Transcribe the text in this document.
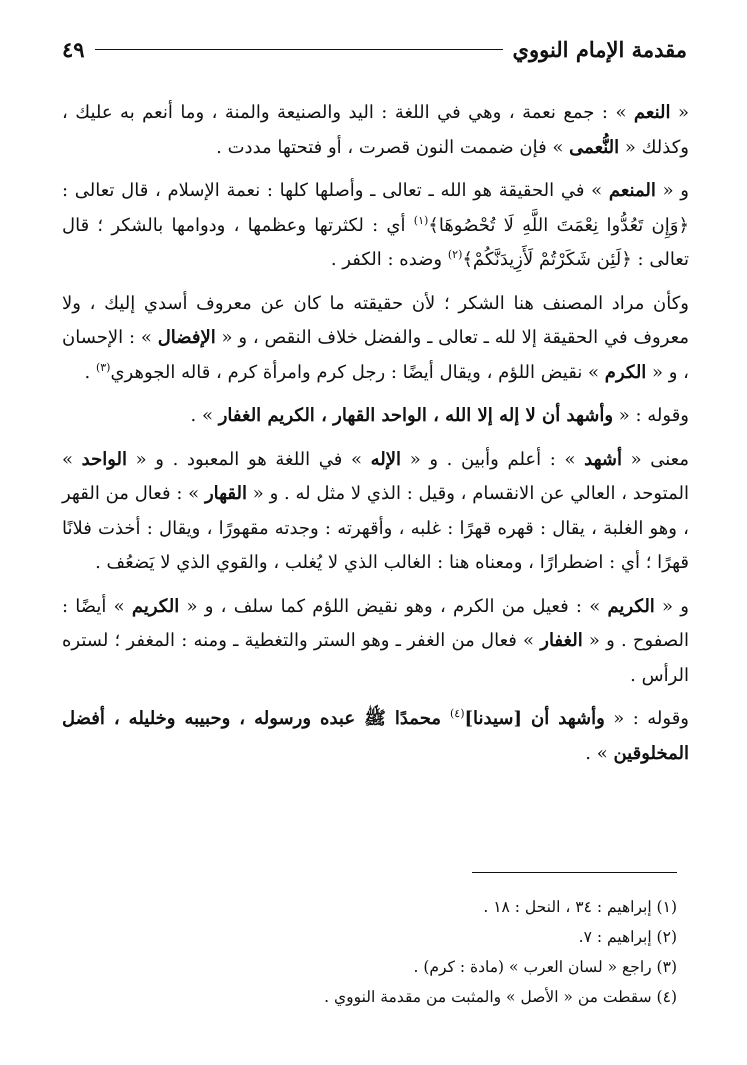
مقدمة الإمام النووي
٤٩

« النعم » : جمع نعمة ، وهي في اللغة : اليد والصنيعة والمنة ، وما أنعم به عليك ، وكذلك « النُّعمى » فإن ضممت النون قصرت ، أو فتحتها مددت .

و « المنعم » في الحقيقة هو الله ـ تعالى ـ وأصلها كلها : نعمة الإسلام ، قال تعالى : ﴿وَإِن تَعُدُّوا نِعْمَتَ اللَّهِ لَا تُحْصُوهَا﴾$^{(١)}$ أي : لكثرتها وعظمها ، ودوامها بالشكر ؛ قال تعالى : ﴿لَئِن شَكَرْتُمْ لَأَزِيدَنَّكُمْ﴾$^{(٢)}$ وضده : الكفر .

وكأن مراد المصنف هنا الشكر ؛ لأن حقيقته ما كان عن معروف أسدي إليك ، ولا معروف في الحقيقة إلا لله ـ تعالى ـ والفضل خلاف النقص ، و « الإفضال » : الإحسان ، و « الكرم » نقيض اللؤم ، ويقال أيضًا : رجل كرم وامرأة كرم ، قاله الجوهري$^{(٣)}$ .

وقوله : « وأشهد أن لا إله إلا الله ، الواحد القهار ، الكريم الغفار » .

معنى « أشهد » : أعلم وأبين . و « الإله » في اللغة هو المعبود . و « الواحد » المتوحد ، العالي عن الانقسام ، وقيل : الذي لا مثل له . و « القهار » : فعال من القهر ، وهو الغلبة ، يقال : قهره قهرًا : غلبه ، وأقهرته : وجدته مقهورًا ، ويقال : أخذت فلانًا قهرًا ؛ أي : اضطرارًا ، ومعناه هنا : الغالب الذي لا يُغلب ، والقوي الذي لا يَضعُف .

و « الكريم » : فعيل من الكرم ، وهو نقيض اللؤم كما سلف ، و « الكريم » أيضًا : الصفوح . و « الغفار » فعال من الغفر ـ وهو الستر والتغطية ـ ومنه : المغفر ؛ لستره الرأس .

وقوله : « وأشهد أن [سيدنا]$^{(٤)}$ محمدًا ﷺ عبده ورسوله ، وحبيبه وخليله ، أفضل المخلوقين » .

(١) إبراهيم : ٣٤ ، النحل : ١٨ .
(٢) إبراهيم : ٧.
(٣) راجع « لسان العرب » (مادة : كرم) .
(٤) سقطت من « الأصل » والمثبت من مقدمة النووي .
